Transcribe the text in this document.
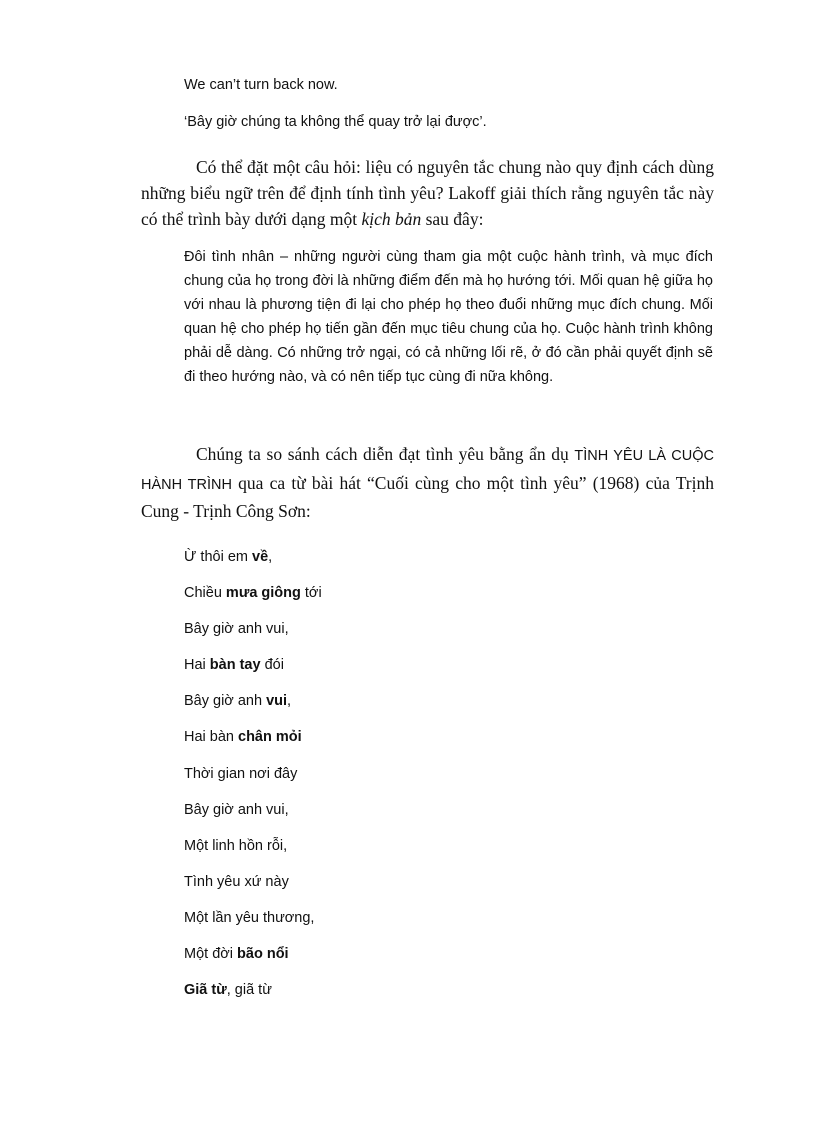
We can’t turn back now.
‘Bây giờ chúng ta không thể quay trở lại được’.

Có thể đặt một câu hỏi: liệu có nguyên tắc chung nào quy định cách dùng những biểu ngữ trên để định tính tình yêu? Lakoff giải thích rằng nguyên tắc này có thể trình bày dưới dạng một kịch bản sau đây:

Đôi tình nhân – những người cùng tham gia một cuộc hành trình, và mục đích chung của họ trong đời là những điểm đến mà họ hướng tới. Mối quan hệ giữa họ với nhau là phương tiện đi lại cho phép họ theo đuổi những mục đích chung. Mối quan hệ cho phép họ tiến gần đến mục tiêu chung của họ. Cuộc hành trình không phải dễ dàng. Có những trở ngại, có cả những lối rẽ, ở đó cần phải quyết định sẽ đi theo hướng nào, và có nên tiếp tục cùng đi nữa không.

Chúng ta so sánh cách diễn đạt tình yêu bằng ẩn dụ TÌNH YÊU LÀ CUỘC HÀNH TRÌNH qua ca từ bài hát “Cuối cùng cho một tình yêu” (1968) của Trịnh Cung - Trịnh Công Sơn:

Ừ thôi em về,
Chiều mưa giông tới
Bây giờ anh vui,
Hai bàn tay đói
Bây giờ anh vui,
Hai bàn chân mỏi
Thời gian nơi đây
Bây giờ anh vui,
Một linh hồn rỗi,
Tình yêu xứ này
Một lần yêu thương,
Một đời bão nổi
Giã từ, giã từ
